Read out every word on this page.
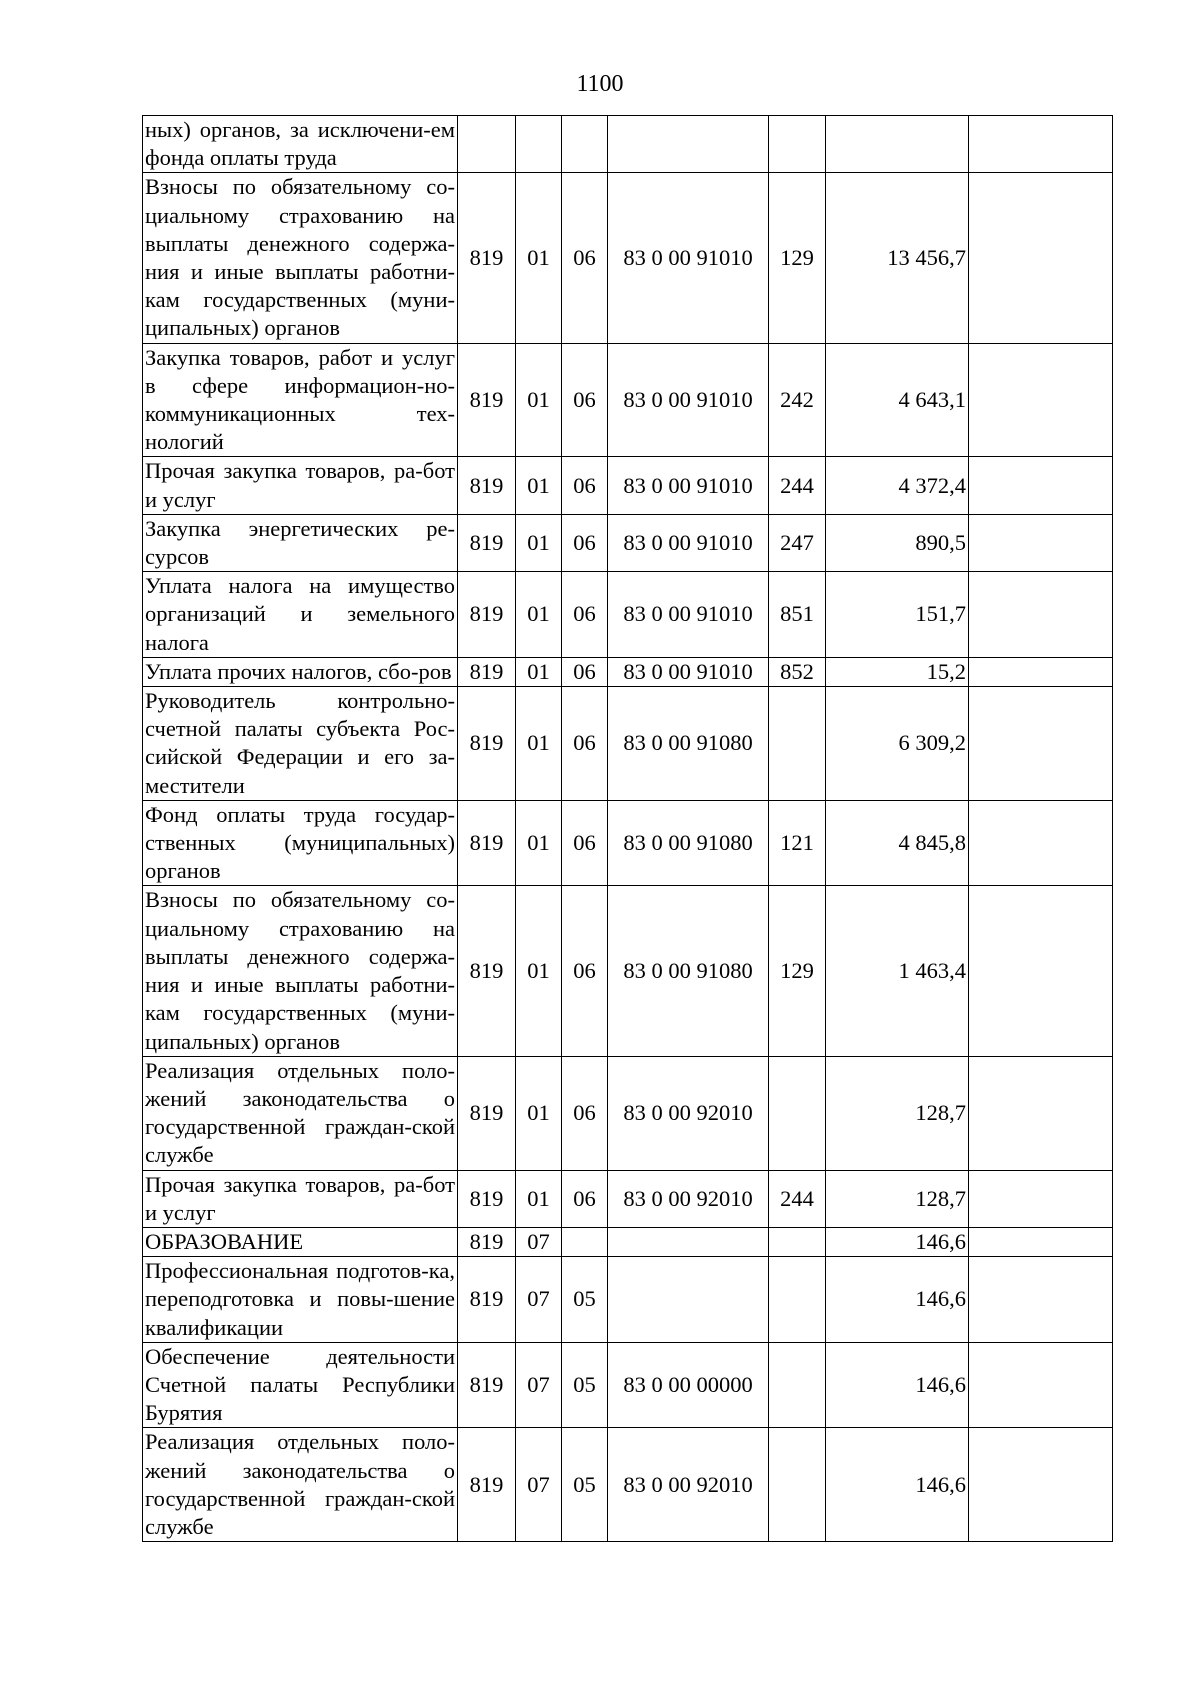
1100
ных) органов, за исключени-ем фонда оплаты труда							
Взносы по обязательному со-циальному страхованию на выплаты денежного содержа-ния и иные выплаты работни-кам государственных (муни-ципальных) органов	819	01	06	83 0 00 91010	129	13 456,7	
Закупка товаров, работ и услуг в сфере информацион-но-коммуникационных тех-нологий	819	01	06	83 0 00 91010	242	4 643,1	
Прочая закупка товаров, ра-бот и услуг	819	01	06	83 0 00 91010	244	4 372,4	
Закупка энергетических ре-сурсов	819	01	06	83 0 00 91010	247	890,5	
Уплата налога на имущество организаций и земельного налога	819	01	06	83 0 00 91010	851	151,7	
Уплата прочих налогов, сбо-ров	819	01	06	83 0 00 91010	852	15,2	
Руководитель контрольно-счетной палаты субъекта Рос-сийской Федерации и его за-местители	819	01	06	83 0 00 91080		6 309,2	
Фонд оплаты труда государ-ственных (муниципальных) органов	819	01	06	83 0 00 91080	121	4 845,8	
Взносы по обязательному со-циальному страхованию на выплаты денежного содержа-ния и иные выплаты работни-кам государственных (муни-ципальных) органов	819	01	06	83 0 00 91080	129	1 463,4	
Реализация отдельных поло-жений законодательства о государственной граждан-ской службе	819	01	06	83 0 00 92010		128,7	
Прочая закупка товаров, ра-бот и услуг	819	01	06	83 0 00 92010	244	128,7	
ОБРАЗОВАНИЕ	819	07				146,6	
Профессиональная подготов-ка, переподготовка и повы-шение квалификации	819	07	05			146,6	
Обеспечение деятельности Счетной палаты Республики Бурятия	819	07	05	83 0 00 00000		146,6	
Реализация отдельных поло-жений законодательства о государственной граждан-ской службе	819	07	05	83 0 00 92010		146,6	
